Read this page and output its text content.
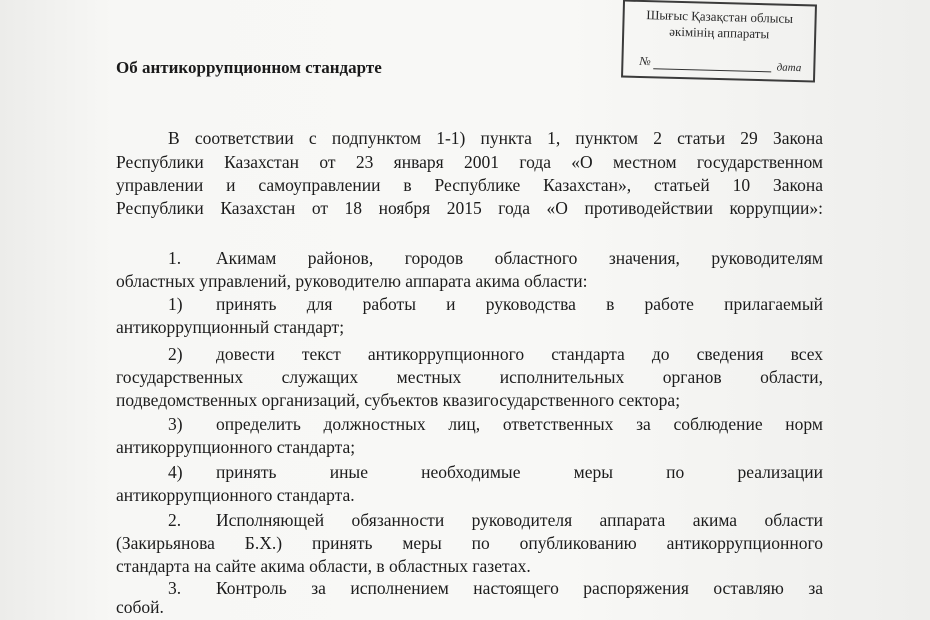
Шығыс Қазақстан облысы
әкімінің аппараты
№	дата
Об антикоррупционном стандарте
В соответствии с подпунктом 1-1) пункта 1, пунктом 2 статьи 29 Закона
Республики Казахстан от 23 января 2001 года «О местном государственном
управлении и самоуправлении в Республике Казахстан», статьей 10 Закона
Республики Казахстан от 18 ноября 2015 года «О противодействии коррупции»:
1. Акимам районов, городов областного значения, руководителям
областных управлений, руководителю аппарата акима области:
1) принять для работы и руководства в работе прилагаемый
антикоррупционный стандарт;
2) довести текст антикоррупционного стандарта до сведения всех
государственных служащих местных исполнительных органов области,
подведомственных организаций, субъектов квазигосударственного сектора;
3) определить должностных лиц, ответственных за соблюдение норм
антикоррупционного стандарта;
4) принять иные необходимые меры по реализации
антикоррупционного стандарта.
2. Исполняющей обязанности руководителя аппарата акима области
(Закирьянова Б.Х.) принять меры по опубликованию антикоррупционного
стандарта на сайте акима области, в областных газетах.
3. Контроль за исполнением настоящего распоряжения оставляю за
собой.
